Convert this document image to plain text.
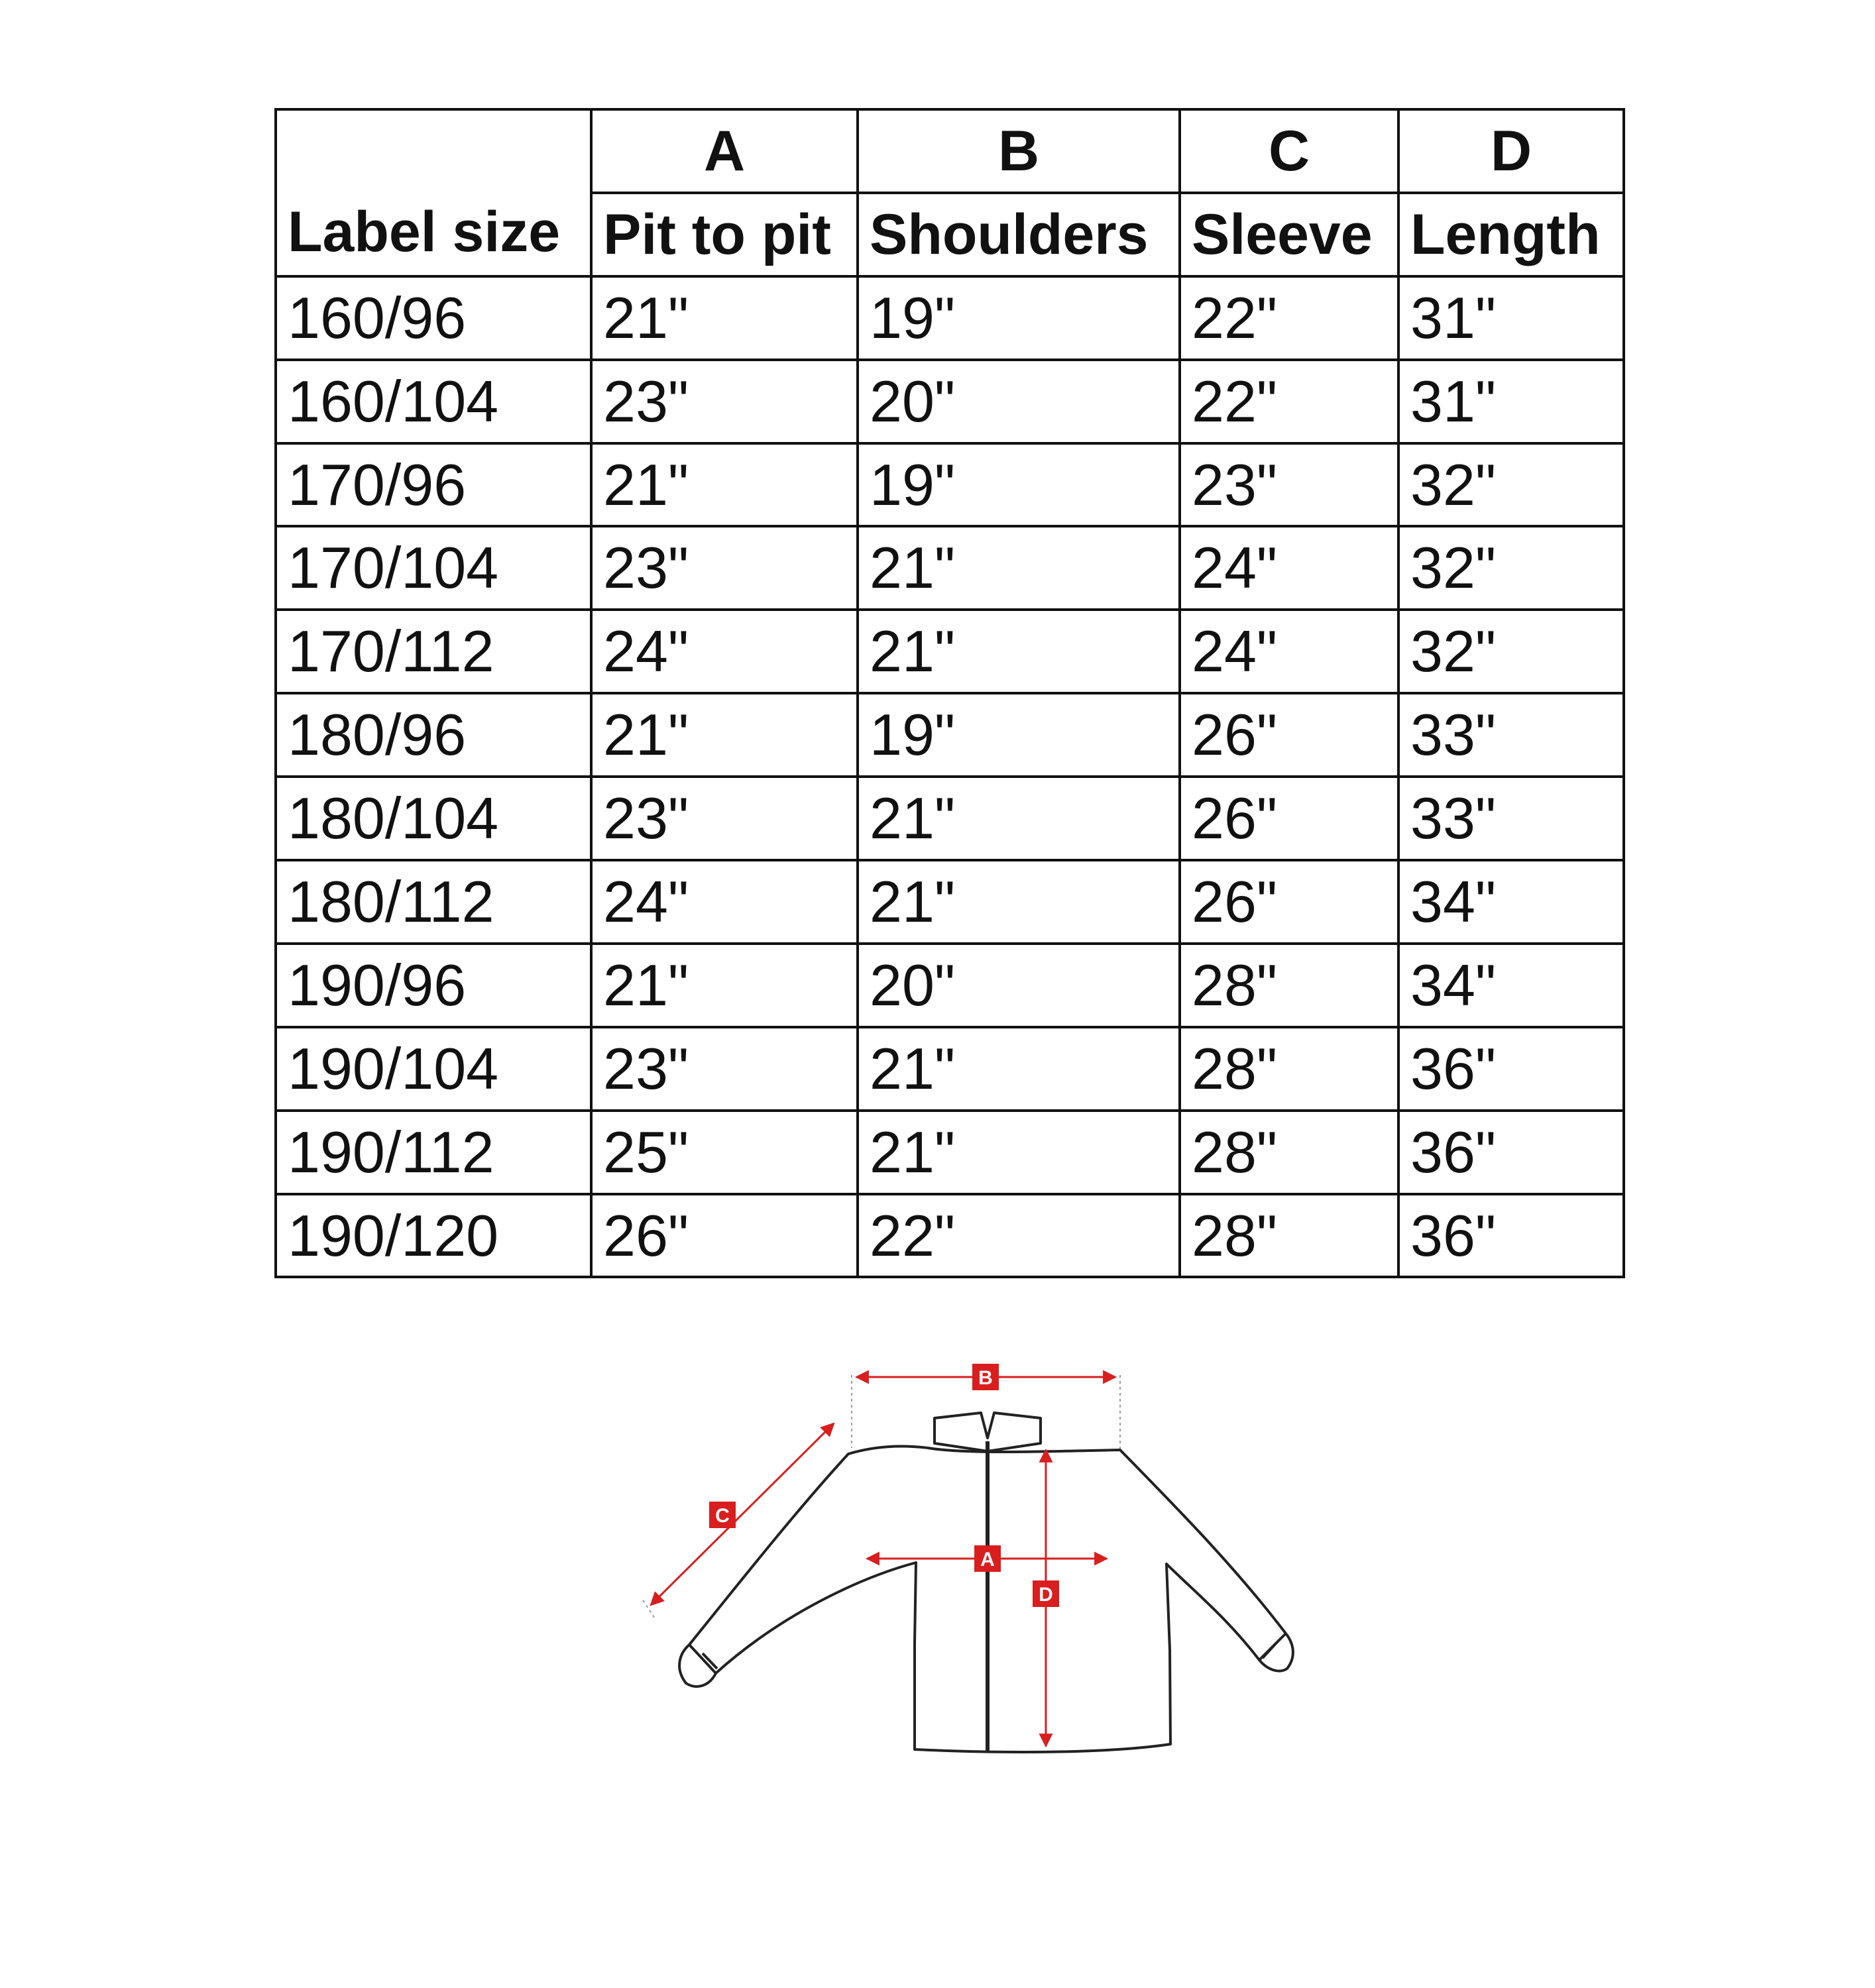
Label size	A	B	C	D
	Pit to pit	Shoulders	Sleeve	Length
160/96	21"	19"	22"	31"
160/104	23"	20"	22"	31"
170/96	21"	19"	23"	32"
170/104	23"	21"	24"	32"
170/112	24"	21"	24"	32"
180/96	21"	19"	26"	33"
180/104	23"	21"	26"	33"
180/112	24"	21"	26"	34"
190/96	21"	20"	28"	34"
190/104	23"	21"	28"	36"
190/112	25"	21"	28"	36"
190/120	26"	22"	28"	36"
B
A
C
D
